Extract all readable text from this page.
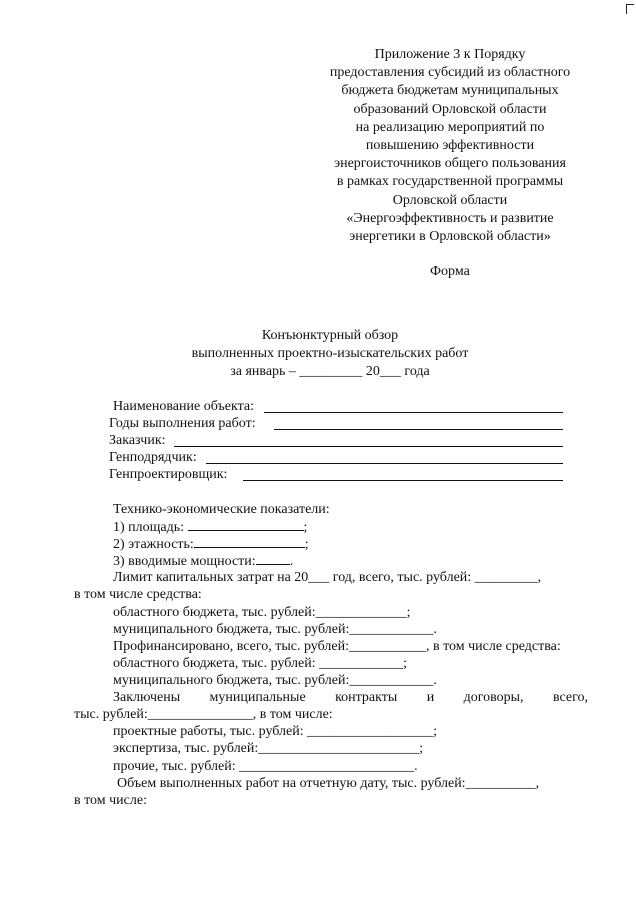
Приложение 3 к Порядку
предоставления субсидий из областного
бюджета бюджетам муниципальных
образований Орловской области
на реализацию мероприятий по
повышению эффективности
энергоисточников общего пользования
в рамках государственной программы
Орловской области
«Энергоэффективность и развитие
энергетики в Орловской области»
Форма
Конъюнктурный обзор
выполненных проектно-изыскательских работ
за январь – _________ 20___ года
Наименование объекта:
Годы выполнения работ:
Заказчик:
Генподрядчик:
Генпроектировщик:
Технико-экономические показатели:
1) площадь:	;
2) этажность:	;
3) вводимые мощности: .
Лимит капитальных затрат на 20___ год, всего, тыс. рублей: _________,
в том числе средства:
областного бюджета, тыс. рублей:_____________;
муниципального бюджета, тыс. рублей:____________.
Профинансировано, всего, тыс. рублей:___________, в том числе средства:
областного бюджета, тыс. рублей: ____________;
муниципального бюджета, тыс. рублей:____________.
Заключены муниципальные контракты и договоры, всего,
тыс. рублей:_______________, в том числе:
проектные работы, тыс. рублей: __________________;
экспертиза, тыс. рублей:_______________________;
прочие, тыс. рублей: _________________________.
Объем выполненных работ на отчетную дату, тыс. рублей:__________,
в том числе:
